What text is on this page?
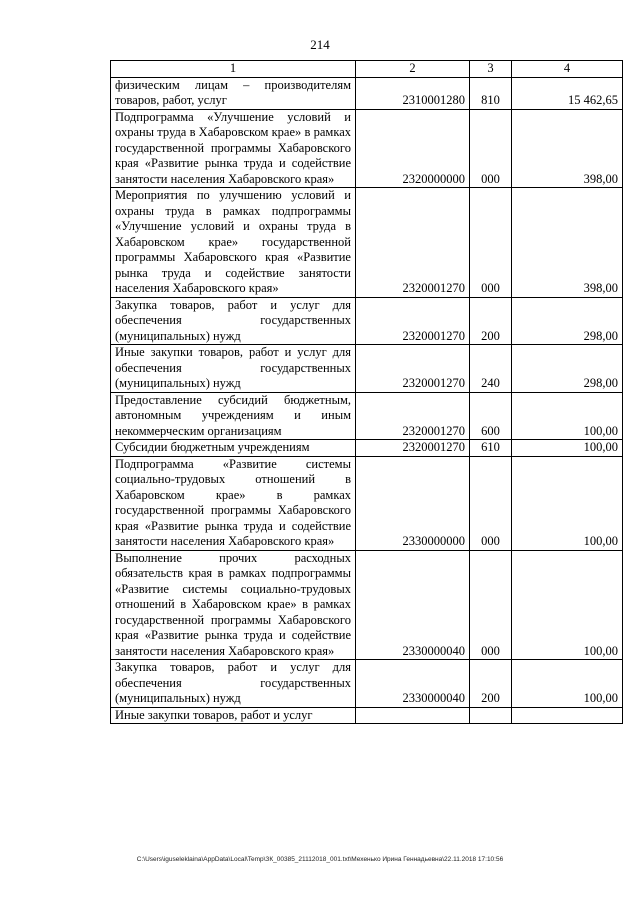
214
1	2	3	4
физическим лицам – производителям товаров, работ, услуг	2310001280	810	15 462,65
Подпрограмма «Улучшение условий и охраны труда в Хабаровском крае» в рамках государственной программы Хабаровского края «Развитие рынка труда и содействие занятости населения Хабаровского края»	2320000000	000	398,00
Мероприятия по улучшению условий и охраны труда в рамках подпрограммы «Улучшение условий и охраны труда в Хабаровском крае» государственной программы Хабаровского края «Развитие рынка труда и содействие занятости населения Хабаровского края»	2320001270	000	398,00
Закупка товаров, работ и услуг для обеспечения государственных (муниципальных) нужд	2320001270	200	298,00
Иные закупки товаров, работ и услуг для обеспечения государственных (муниципальных) нужд	2320001270	240	298,00
Предоставление субсидий бюджетным, автономным учреждениям и иным некоммерческим организациям	2320001270	600	100,00
Субсидии бюджетным учреждениям	2320001270	610	100,00
Подпрограмма «Развитие системы социально-трудовых отношений в Хабаровском крае» в рамках государственной программы Хабаровского края «Развитие рынка труда и содействие занятости населения Хабаровского края»	2330000000	000	100,00
Выполнение прочих расходных обязательств края в рамках подпрограммы «Развитие системы социально-трудовых отношений в Хабаровском крае» в рамках государственной программы Хабаровского края «Развитие рынка труда и содействие занятости населения Хабаровского края»	2330000040	000	100,00
Закупка товаров, работ и услуг для обеспечения государственных (муниципальных) нужд	2330000040	200	100,00
Иные закупки товаров, работ и услуг			
C:\Users\iguseleklaina\AppData\Local\Temp\ЗК_00385_21112018_001.txt\Мехенько Ирина Геннадьевна\22.11.2018 17:10:56
